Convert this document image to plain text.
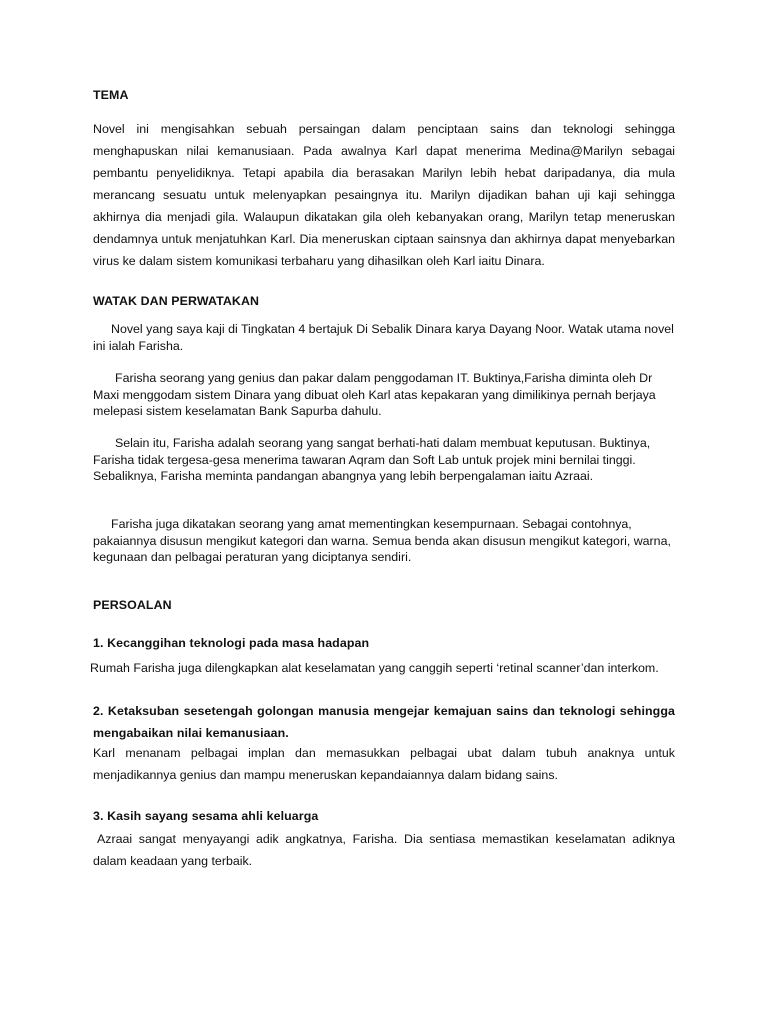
TEMA

Novel ini mengisahkan sebuah persaingan dalam penciptaan sains dan teknologi sehingga menghapuskan nilai kemanusiaan. Pada awalnya Karl dapat menerima Medina@Marilyn sebagai pembantu penyelidiknya. Tetapi apabila dia berasakan Marilyn lebih hebat daripadanya, dia mula merancang sesuatu untuk melenyapkan pesaingnya itu. Marilyn dijadikan bahan uji kaji sehingga akhirnya dia menjadi gila. Walaupun dikatakan gila oleh kebanyakan orang, Marilyn tetap meneruskan dendamnya untuk menjatuhkan Karl. Dia meneruskan ciptaan sainsnya dan akhirnya dapat menyebarkan virus ke dalam sistem komunikasi terbaharu yang dihasilkan oleh Karl iaitu Dinara.

WATAK DAN PERWATAKAN

Novel yang saya kaji di Tingkatan 4 bertajuk Di Sebalik Dinara karya Dayang Noor. Watak utama novel ini ialah Farisha.

Farisha seorang yang genius dan pakar dalam penggodaman IT. Buktinya,Farisha diminta oleh Dr Maxi menggodam sistem Dinara yang dibuat oleh Karl atas kepakaran yang dimilikinya pernah berjaya melepasi sistem keselamatan Bank Sapurba dahulu.

Selain itu, Farisha adalah seorang yang sangat berhati-hati dalam membuat keputusan. Buktinya, Farisha tidak tergesa-gesa menerima tawaran Aqram dan Soft Lab untuk projek mini bernilai tinggi. Sebaliknya, Farisha meminta pandangan abangnya yang lebih berpengalaman iaitu Azraai.

Farisha juga dikatakan seorang yang amat mementingkan kesempurnaan. Sebagai contohnya, pakaiannya disusun mengikut kategori dan warna. Semua benda akan disusun mengikut kategori, warna, kegunaan dan pelbagai peraturan yang diciptanya sendiri.

PERSOALAN
1. Kecanggihan teknologi pada masa hadapan

Rumah Farisha juga dilengkapkan alat keselamatan yang canggih seperti ‘retinal scanner’dan interkom.

2. Ketaksuban sesetengah golongan manusia mengejar kemajuan sains dan teknologi sehingga mengabaikan nilai kemanusiaan.

Karl menanam pelbagai implan dan memasukkan pelbagai ubat dalam tubuh anaknya untuk menjadikannya genius dan mampu meneruskan kepandaiannya dalam bidang sains.

3. Kasih sayang sesama ahli keluarga

Azraai sangat menyayangi adik angkatnya, Farisha. Dia sentiasa memastikan keselamatan adiknya dalam keadaan yang terbaik.
